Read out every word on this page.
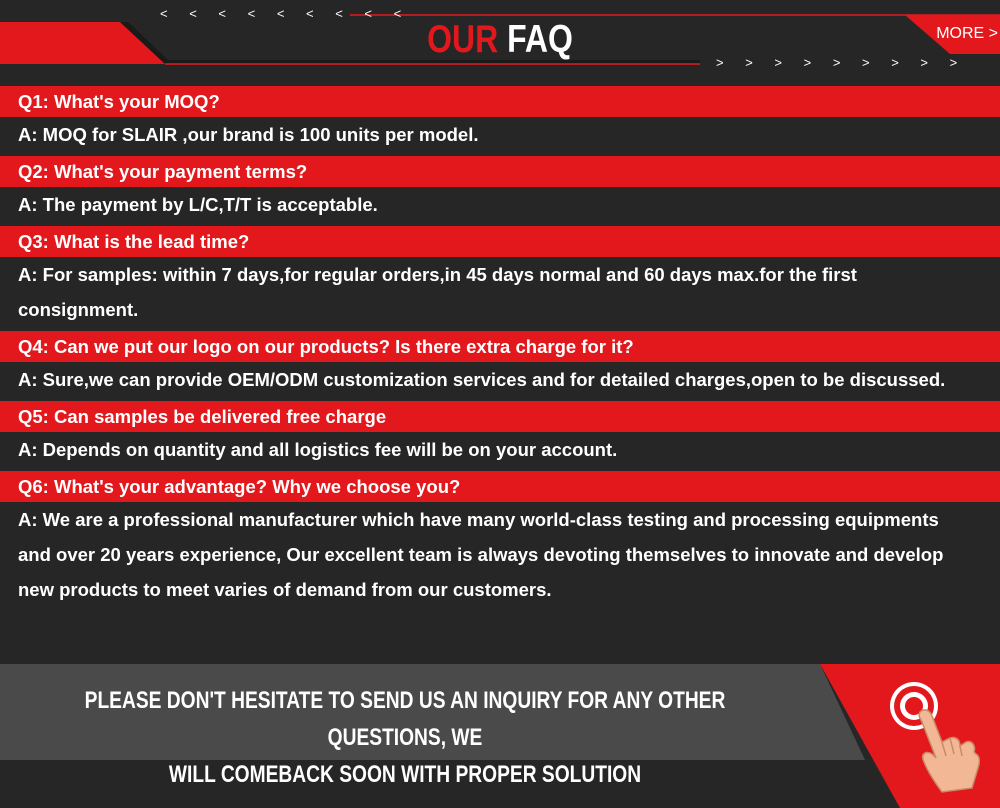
< < < < < < < < <
OUR FAQ	MORE >
> > > > > > > > >
Q1: What's your MOQ?
A: MOQ for SLAIR ,our brand is 100 units per model.
Q2: What's your payment terms?
A: The payment by L/C,T/T is acceptable.
Q3: What is the lead time?
A: For samples: within 7 days,for regular orders,in 45 days normal and 60 days max.for the first consignment.
Q4: Can we put our logo on our products? Is there extra charge for it?
A: Sure,we can provide OEM/ODM customization services and for detailed charges,open to be discussed.
Q5: Can samples be delivered free charge
A: Depends on quantity and all logistics fee will be on your account.
Q6: What's your advantage? Why we choose you?
A: We are a professional manufacturer which have many world-class testing and processing equipments and over 20 years experience, Our excellent team is always devoting themselves to innovate and develop new products to meet varies of demand from our customers.
PLEASE DON'T HESITATE TO SEND US AN INQUIRY FOR ANY OTHER QUESTIONS, WE
WILL COMEBACK SOON WITH PROPER SOLUTION
